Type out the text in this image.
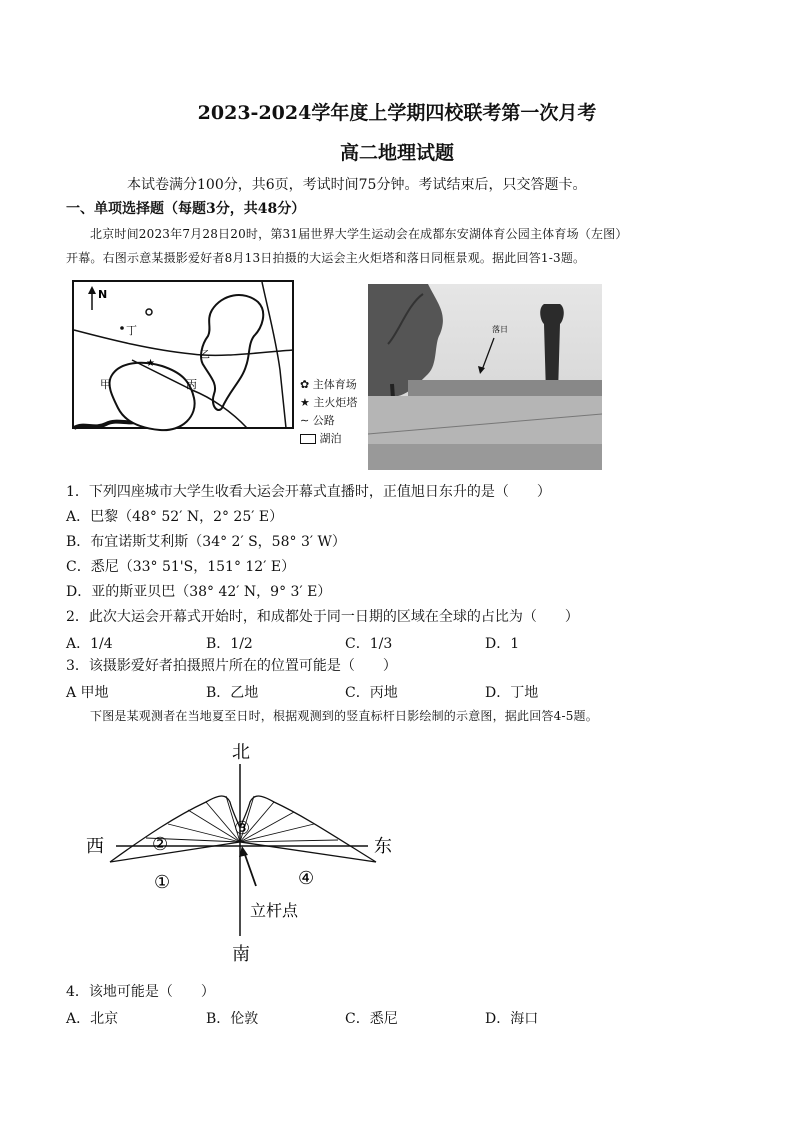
2023-2024学年度上学期四校联考第一次月考
高二地理试题
本试卷满分100分，共6页，考试时间75分钟。考试结束后，只交答题卡。
一、单项选择题（每题3分，共48分）
北京时间2023年7月28日20时，第31届世界大学生运动会在成都东安湖体育公园主体育场（左图）
开幕。右图示意某摄影爱好者8月13日拍摄的大运会主火炬塔和落日同框景观。据此回答1-3题。
N
★
丁
乙
甲	丙	✿ 主体育场
★ 主火炬塔
∼ 公路
湖泊
落日
1．下列四座城市大学生收看大运会开幕式直播时，正值旭日东升的是（　　）
A．巴黎（48° 52′ N，2° 25′ E）
B．布宜诺斯艾利斯（34° 2′ S，58° 3′ W）
C．悉尼（33° 51'S，151° 12′ E）
D．亚的斯亚贝巴（38° 42′ N，9° 3′ E）
2．此次大运会开幕式开始时，和成都处于同一日期的区域在全球的占比为（　　）
A．1/4	B．1/2	C．1/3	D．1
3．该摄影爱好者拍摄照片所在的位置可能是（　　）
A 甲地	B．乙地	C．丙地	D．丁地
下图是某观测者在当地夏至日时，根据观测到的竖直标杆日影绘制的示意图，据此回答4-5题。
北
南
西	东
①
②
③
④
立杆点
4．该地可能是（　　）
A．北京	B．伦敦	C．悉尼	D．海口
